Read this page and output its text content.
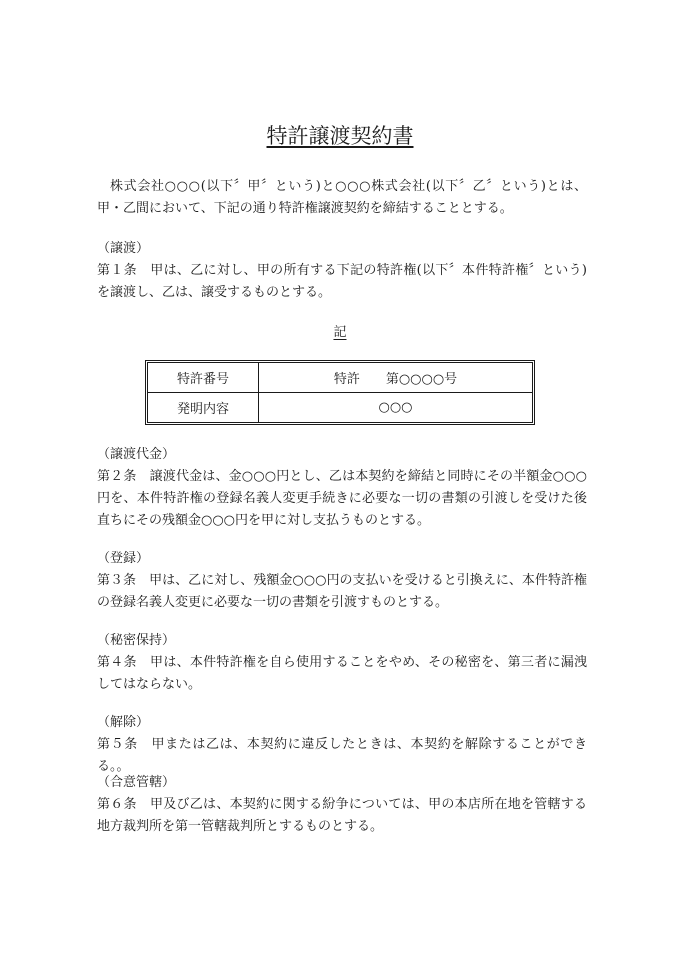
特許譲渡契約書

株式会社○○○(以下〞甲〞という)と○○○株式会社(以下〞乙〞という)とは、甲・乙間において、下記の通り特許権譲渡契約を締結することとする。

（譲渡）

第１条　甲は、乙に対し、甲の所有する下記の特許権(以下〞本件特許権〞という)を譲渡し、乙は、譲受するものとする。

記
特許番号	特許　　第○○○○号
発明内容	○○○

（譲渡代金）

第２条　譲渡代金は、金○○○円とし、乙は本契約を締結と同時にその半額金○○○円を、本件特許権の登録名義人変更手続きに必要な一切の書類の引渡しを受けた後直ちにその残額金○○○円を甲に対し支払うものとする。

（登録）

第３条　甲は、乙に対し、残額金○○○円の支払いを受けると引換えに、本件特許権の登録名義人変更に必要な一切の書類を引渡すものとする。

（秘密保持）

第４条　甲は、本件特許権を自ら使用することをやめ、その秘密を、第三者に漏洩してはならない。

（解除）

第５条　甲または乙は、本契約に違反したときは、本契約を解除することができる。。

（合意管轄）

第６条　甲及び乙は、本契約に関する紛争については、甲の本店所在地を管轄する地方裁判所を第一管轄裁判所とするものとする。
